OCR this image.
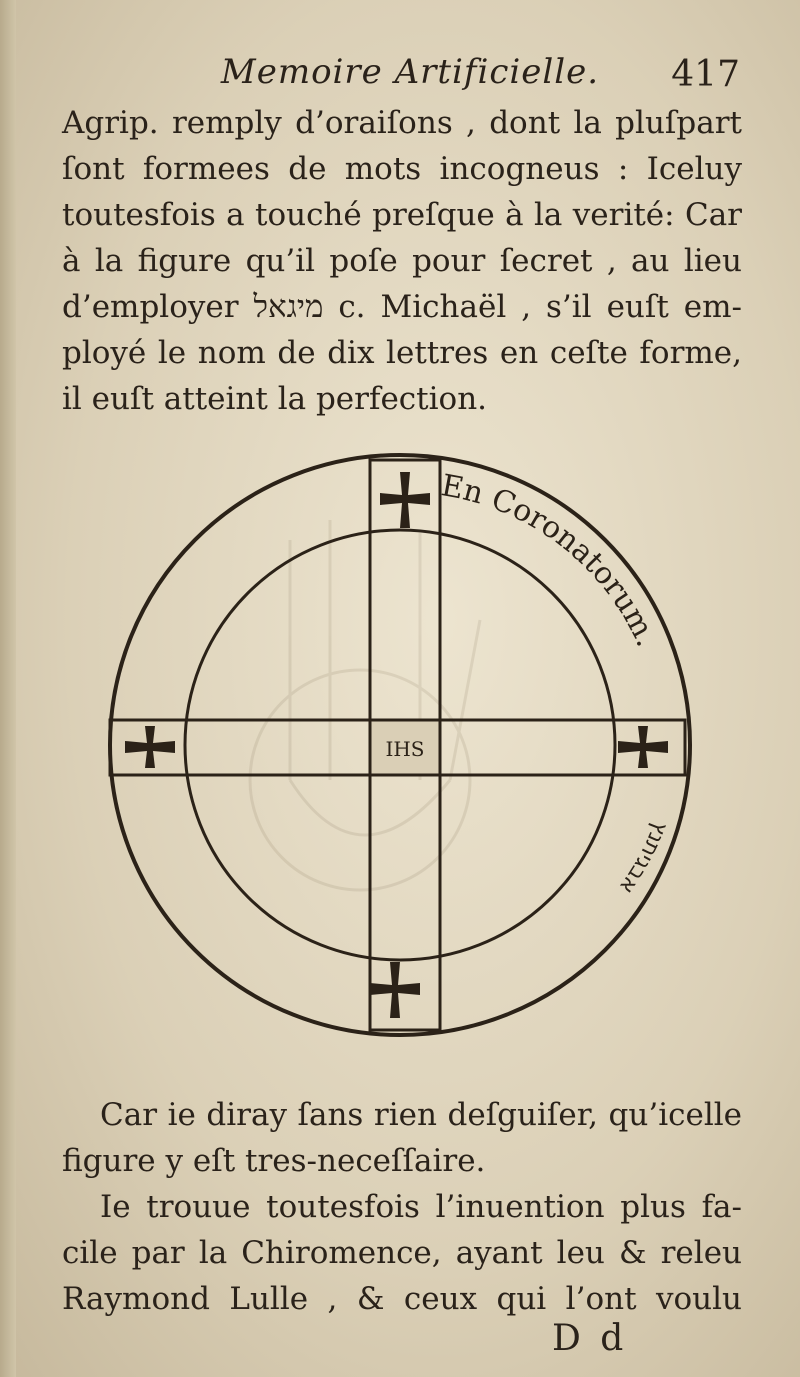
Memoire Artificielle.	417
Agrip. remply d’oraiſons , dont la pluſpart
ſont formees de mots incogneus : Iceluy
toutesfois a touché preſque à la verité: Car
à la figure qu’il poſe pour ſecret , au lieu
d’employer מיגאל c. Michaël , s’il euſt em-
ployé le nom de dix lettres en ceſte forme,
il euſt atteint la perfection.
IHS
En Coronatorum.
אבגיתנץ
Car ie diray ſans rien deſguiſer, qu’icelle
figure y eſt tres-neceſſaire.
Ie trouue toutesfois l’inuention plus fa-
cile par la Chiromence, ayant leu & releu
Raymond Lulle , & ceux qui l’ont voulu
D d
